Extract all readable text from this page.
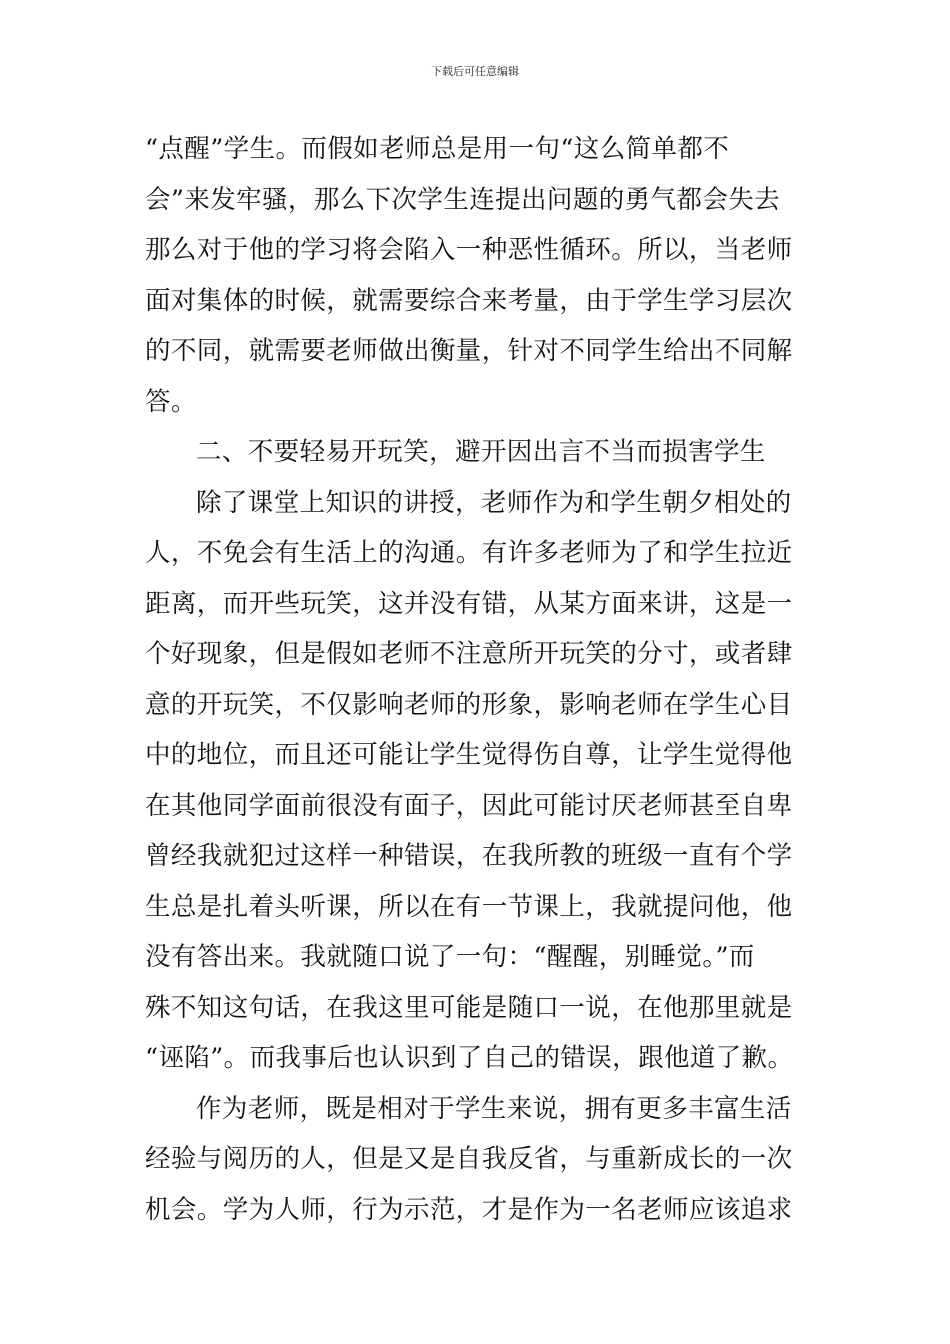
下载后可任意编辑
“点醒”学生。而假如老师总是用一句“这么简单都不
会”来发牢骚，那么下次学生连提出问题的勇气都会失去
那么对于他的学习将会陷入一种恶性循环。所以，当老师
面对集体的时候，就需要综合来考量，由于学生学习层次
的不同，就需要老师做出衡量，针对不同学生给出不同解
答。
二、不要轻易开玩笑，避开因出言不当而损害学生
除了课堂上知识的讲授，老师作为和学生朝夕相处的
人，不免会有生活上的沟通。有许多老师为了和学生拉近
距离，而开些玩笑，这并没有错，从某方面来讲，这是一
个好现象，但是假如老师不注意所开玩笑的分寸，或者肆
意的开玩笑，不仅影响老师的形象，影响老师在学生心目
中的地位，而且还可能让学生觉得伤自尊，让学生觉得他
在其他同学面前很没有面子，因此可能讨厌老师甚至自卑
曾经我就犯过这样一种错误，在我所教的班级一直有个学
生总是扎着头听课，所以在有一节课上，我就提问他，他
没有答出来。我就随口说了一句：“醒醒，别睡觉。”而
殊不知这句话，在我这里可能是随口一说，在他那里就是
“诬陷”。而我事后也认识到了自己的错误，跟他道了歉。
作为老师，既是相对于学生来说，拥有更多丰富生活
经验与阅历的人，但是又是自我反省，与重新成长的一次
机会。学为人师，行为示范，才是作为一名老师应该追求
